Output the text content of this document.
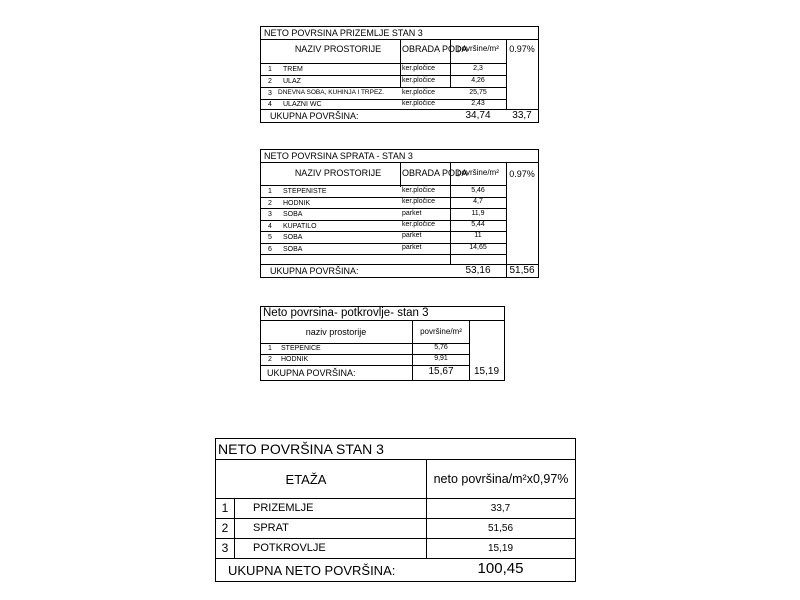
NETO POVRSINA PRIZEMLJE STAN 3
NAZIV PROSTORIJE	OBRADA PODA
površine/m²	0.97%
1 TREM	ker.pločice	2,3
2 ULAZ	ker.pločice	4,26
3 DNEVNA SOBA, KUHINJA I TRPEZ.	ker.pločice	25,75
4 ULAZNI WC	ker.pločice	2,43
UKUPNA POVRŠINA:	34,74	33,7
NETO POVRSINA SPRATA - STAN 3
NAZIV PROSTORIJE	OBRADA PODA
površine/m²	0.97%
1 STEPENISTE	ker.pločice	5,46
2 HODNIK	ker.pločice	4,7
3 SOBA	parket	11,9
4 KUPATILO	ker.pločice	5,44
5 SOBA	parket	11
6 SOBA	parket	14,65
UKUPNA POVRŠINA:	53,16	51,56
Neto povrsina- potkrovlje- stan 3
naziv prostorije	površine/m²
1 STEPENICE	5,76
2 HODNIK	9,91
UKUPNA POVRŠINA:	15,67	15,19
NETO POVRŠINA STAN 3
ETAŽA	neto površina/m²x0,97%
1	PRIZEMLJE	33,7
2	SPRAT	51,56
3	POTKROVLJE	15,19
UKUPNA NETO POVRŠINA:	100,45
